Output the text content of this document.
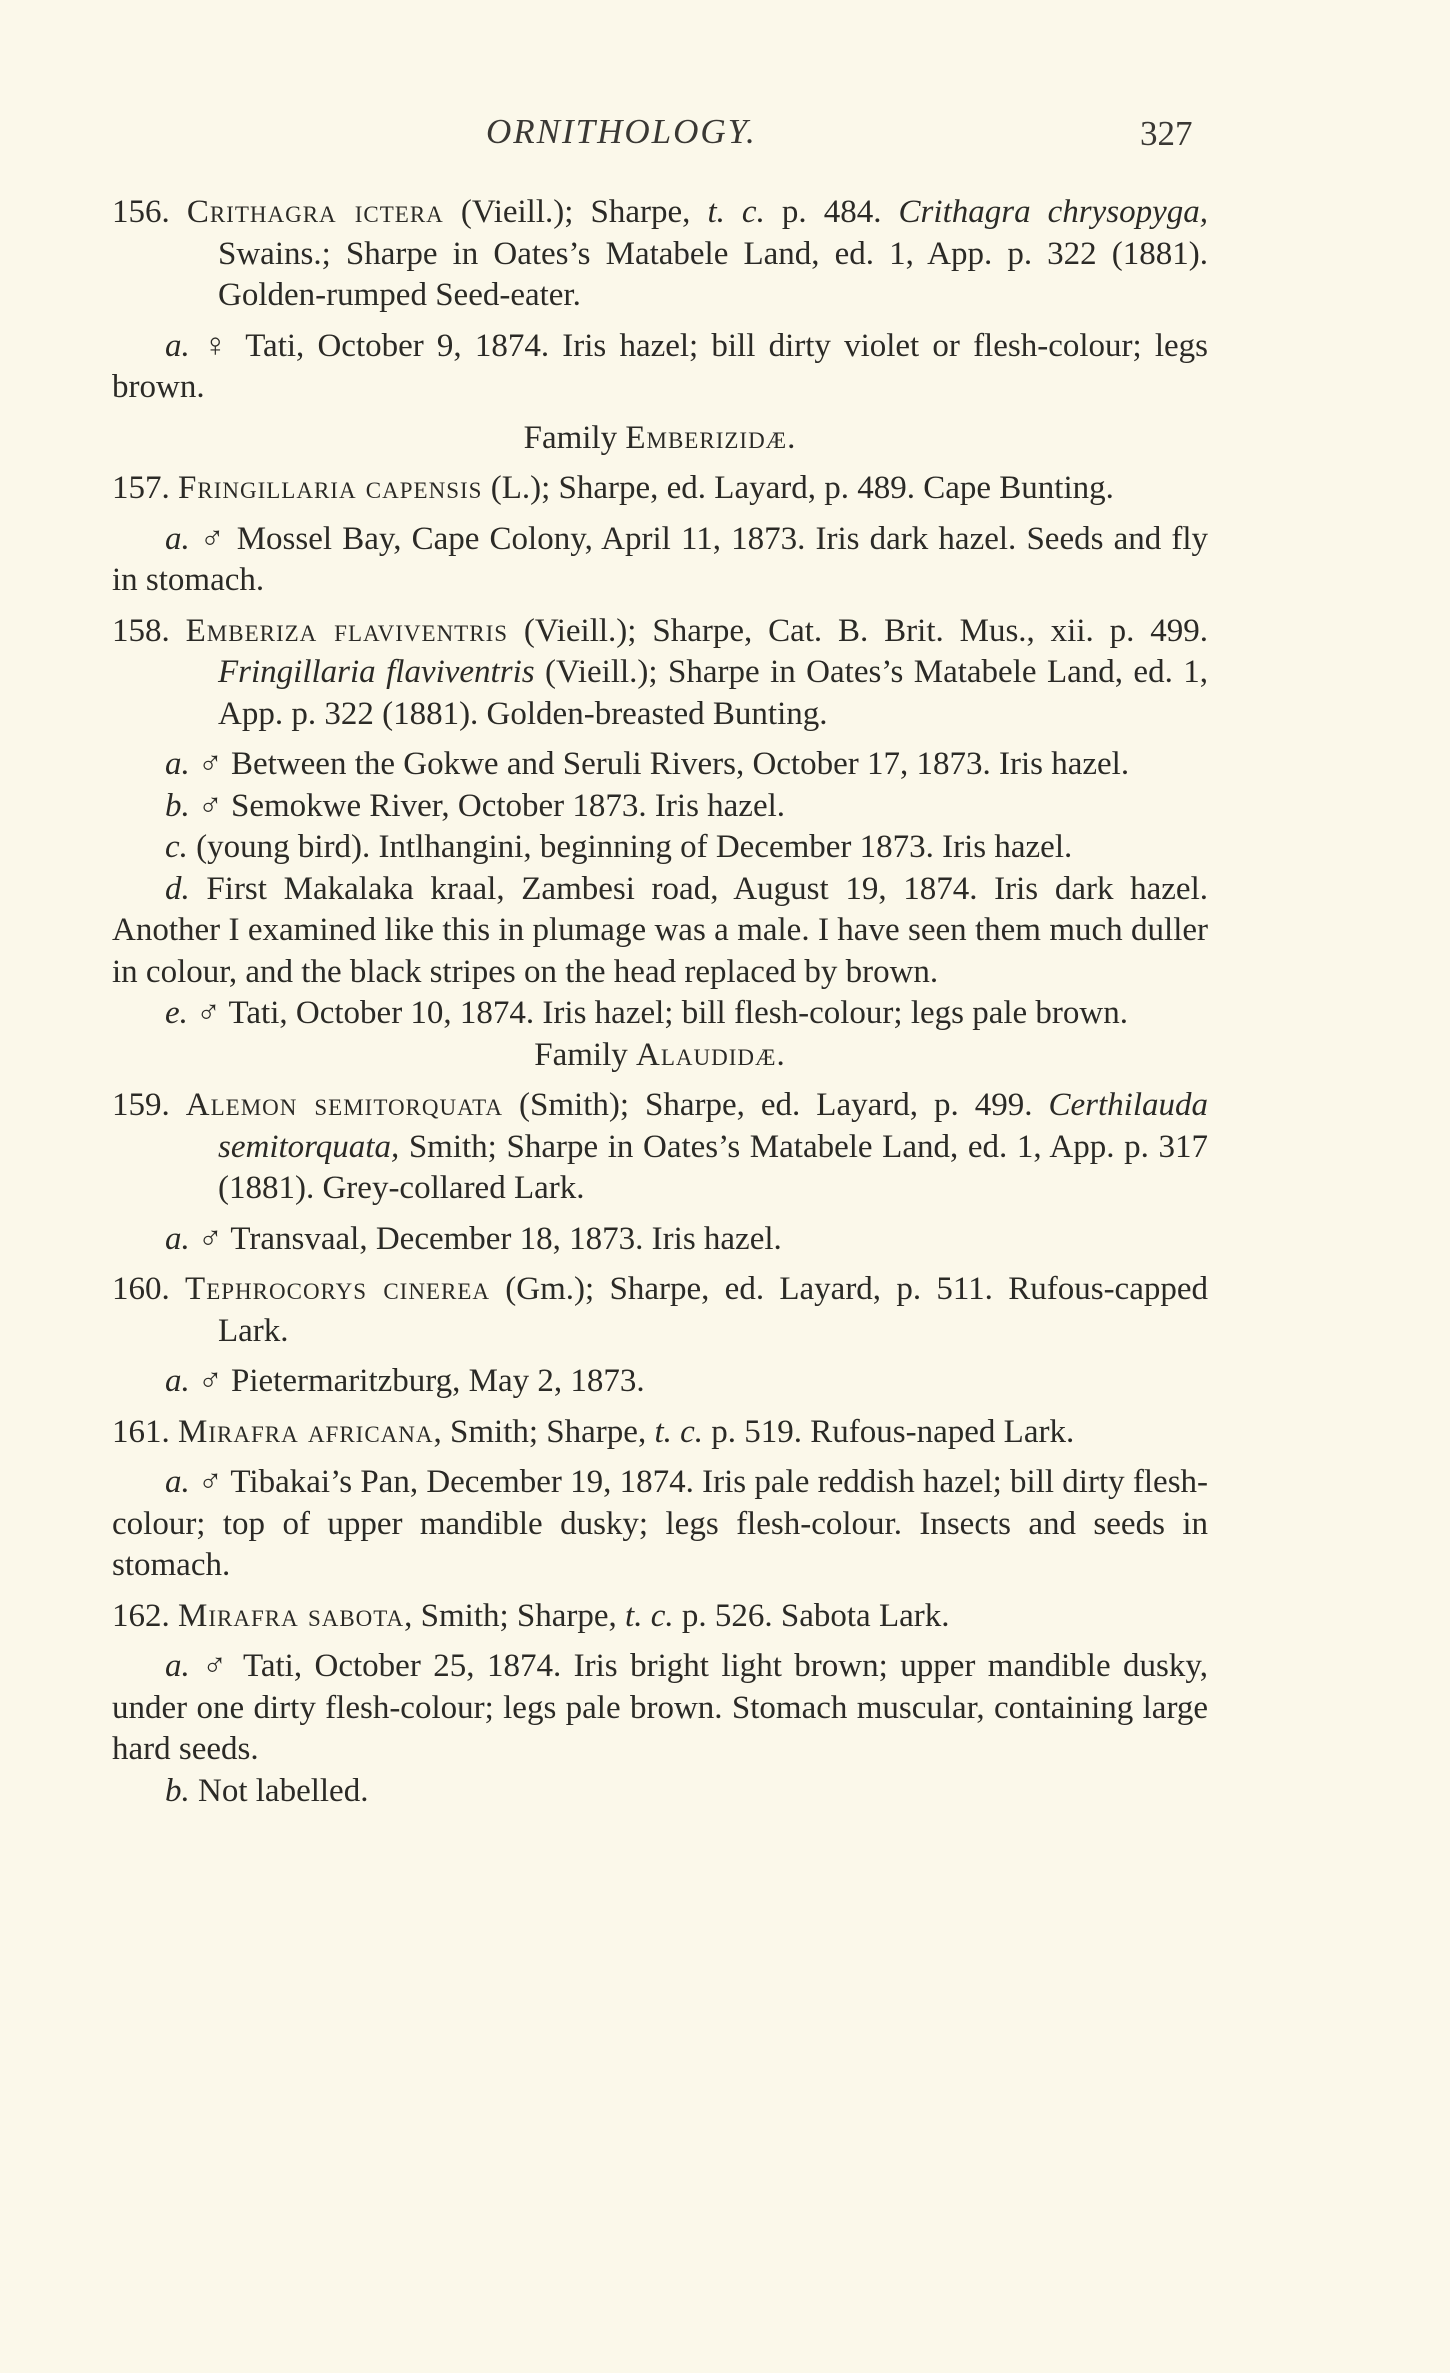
ORNITHOLOGY.	327

156. Crithagra ictera (Vieill.); Sharpe, t. c. p. 484. Crithagra chrysopyga, Swains.; Sharpe in Oates’s Matabele Land, ed. 1, App. p. 322 (1881). Golden-rumped Seed-eater.

a. ♀ Tati, October 9, 1874. Iris hazel; bill dirty violet or flesh-colour; legs brown.

Family Emberizidæ.

157. Fringillaria capensis (L.); Sharpe, ed. Layard, p. 489. Cape Bunting.

a. ♂ Mossel Bay, Cape Colony, April 11, 1873. Iris dark hazel. Seeds and fly in stomach.

158. Emberiza flaviventris (Vieill.); Sharpe, Cat. B. Brit. Mus., xii. p. 499. Fringillaria flaviventris (Vieill.); Sharpe in Oates’s Matabele Land, ed. 1, App. p. 322 (1881). Golden-breasted Bunting.

a. ♂ Between the Gokwe and Seruli Rivers, October 17, 1873. Iris hazel.

b. ♂ Semokwe River, October 1873. Iris hazel.

c. (young bird). Intlhangini, beginning of December 1873. Iris hazel.

d. First Makalaka kraal, Zambesi road, August 19, 1874. Iris dark hazel. Another I examined like this in plumage was a male. I have seen them much duller in colour, and the black stripes on the head replaced by brown.

e. ♂ Tati, October 10, 1874. Iris hazel; bill flesh-colour; legs pale brown.

Family Alaudidæ.

159. Alemon semitorquata (Smith); Sharpe, ed. Layard, p. 499. Certhilauda semitorquata, Smith; Sharpe in Oates’s Matabele Land, ed. 1, App. p. 317 (1881). Grey-collared Lark.

a. ♂ Transvaal, December 18, 1873. Iris hazel.

160. Tephrocorys cinerea (Gm.); Sharpe, ed. Layard, p. 511. Rufous-capped Lark.

a. ♂ Pietermaritzburg, May 2, 1873.

161. Mirafra africana, Smith; Sharpe, t. c. p. 519. Rufous-naped Lark.

a. ♂ Tibakai’s Pan, December 19, 1874. Iris pale reddish hazel; bill dirty flesh-colour; top of upper mandible dusky; legs flesh-colour. Insects and seeds in stomach.

162. Mirafra sabota, Smith; Sharpe, t. c. p. 526. Sabota Lark.

a. ♂ Tati, October 25, 1874. Iris bright light brown; upper mandible dusky, under one dirty flesh-colour; legs pale brown. Stomach muscular, containing large hard seeds.

b. Not labelled.
